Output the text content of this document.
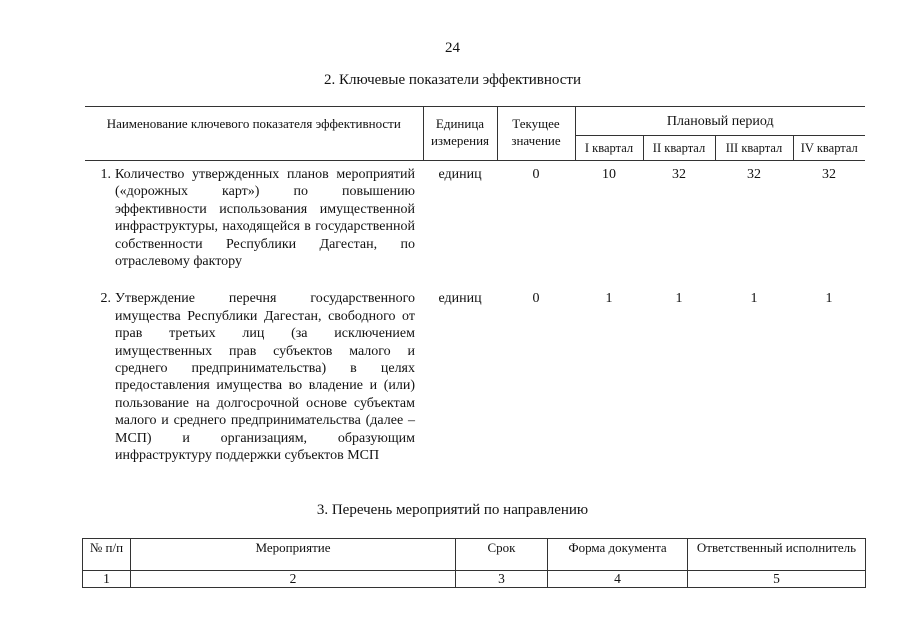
24
2. Ключевые показатели эффективности
Наименование ключевого показателя эффективности		Единица измерения	Текущее значение	Плановый период			
				I квартал	II квартал	III квартал	IV квартал
1.	Количество утвержденных планов мероприятий («дорожных карт») по повышению эффективности использования имущественной инфраструктуры, находящейся в государственной собственности Республики Дагестан, по отраслевому фактору	единиц	0	10	32	32	32
2.	Утверждение перечня государственного имущества Республики Дагестан, свободного от прав третьих лиц (за исключением имущественных прав субъектов малого и среднего предпринимательства) в целях предоставления имущества во владение и (или) пользование на долгосрочной основе субъектам малого и среднего предпринимательства (далее – МСП) и организациям, образующим инфраструктуру поддержки субъектов МСП	единиц	0	1	1	1	1
3. Перечень мероприятий по направлению
№ п/п	Мероприятие	Срок	Форма документа	Ответственный исполнитель
1	2	3	4	5
